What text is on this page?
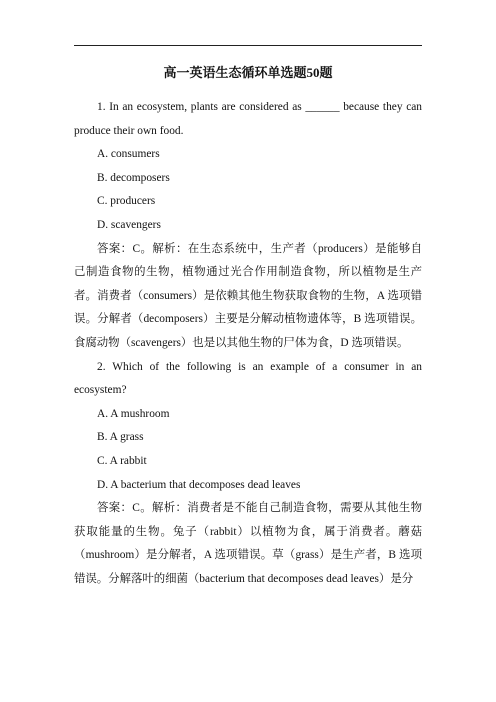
高一英语生态循环单选题50题

1. In an ecosystem, plants are considered as ______ because they can produce their own food.

A. consumers

B. decomposers

C. producers

D. scavengers

答案：C。解析：在生态系统中，生产者（producers）是能够自己制造食物的生物，植物通过光合作用制造食物，所以植物是生产者。消费者（consumers）是依赖其他生物获取食物的生物，A 选项错误。分解者（decomposers）主要是分解动植物遗体等，B 选项错误。食腐动物（scavengers）也是以其他生物的尸体为食，D 选项错误。

2. Which of the following is an example of a consumer in an ecosystem?

A. A mushroom

B. A grass

C. A rabbit

D. A bacterium that decomposes dead leaves

答案：C。解析：消费者是不能自己制造食物，需要从其他生物获取能量的生物。兔子（rabbit）以植物为食，属于消费者。蘑菇（mushroom）是分解者，A 选项错误。草（grass）是生产者，B 选项错误。分解落叶的细菌（bacterium that decomposes dead leaves）是分
